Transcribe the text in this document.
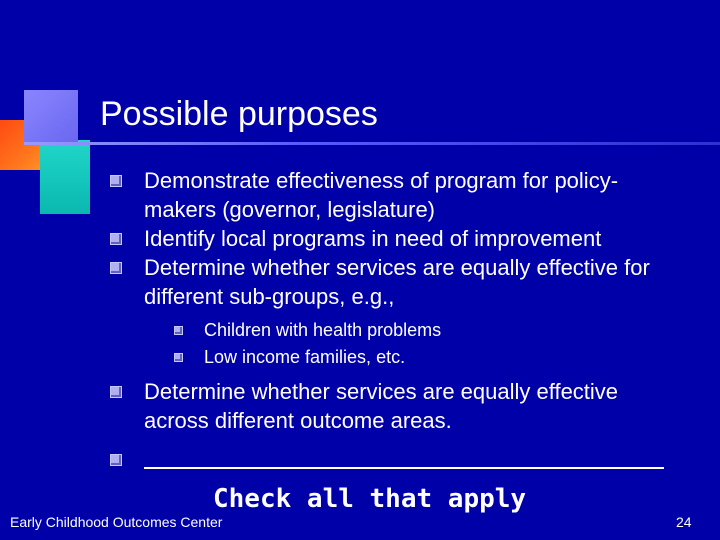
Possible purposes
Demonstrate effectiveness of program for policy-makers (governor, legislature)
Identify local programs in need of improvement
Determine whether services are equally effective for different sub-groups, e.g.,
Children with health problems
Low income families, etc.
Determine whether services are equally effective across different outcome areas.
Check all that apply
Early Childhood Outcomes Center	24
